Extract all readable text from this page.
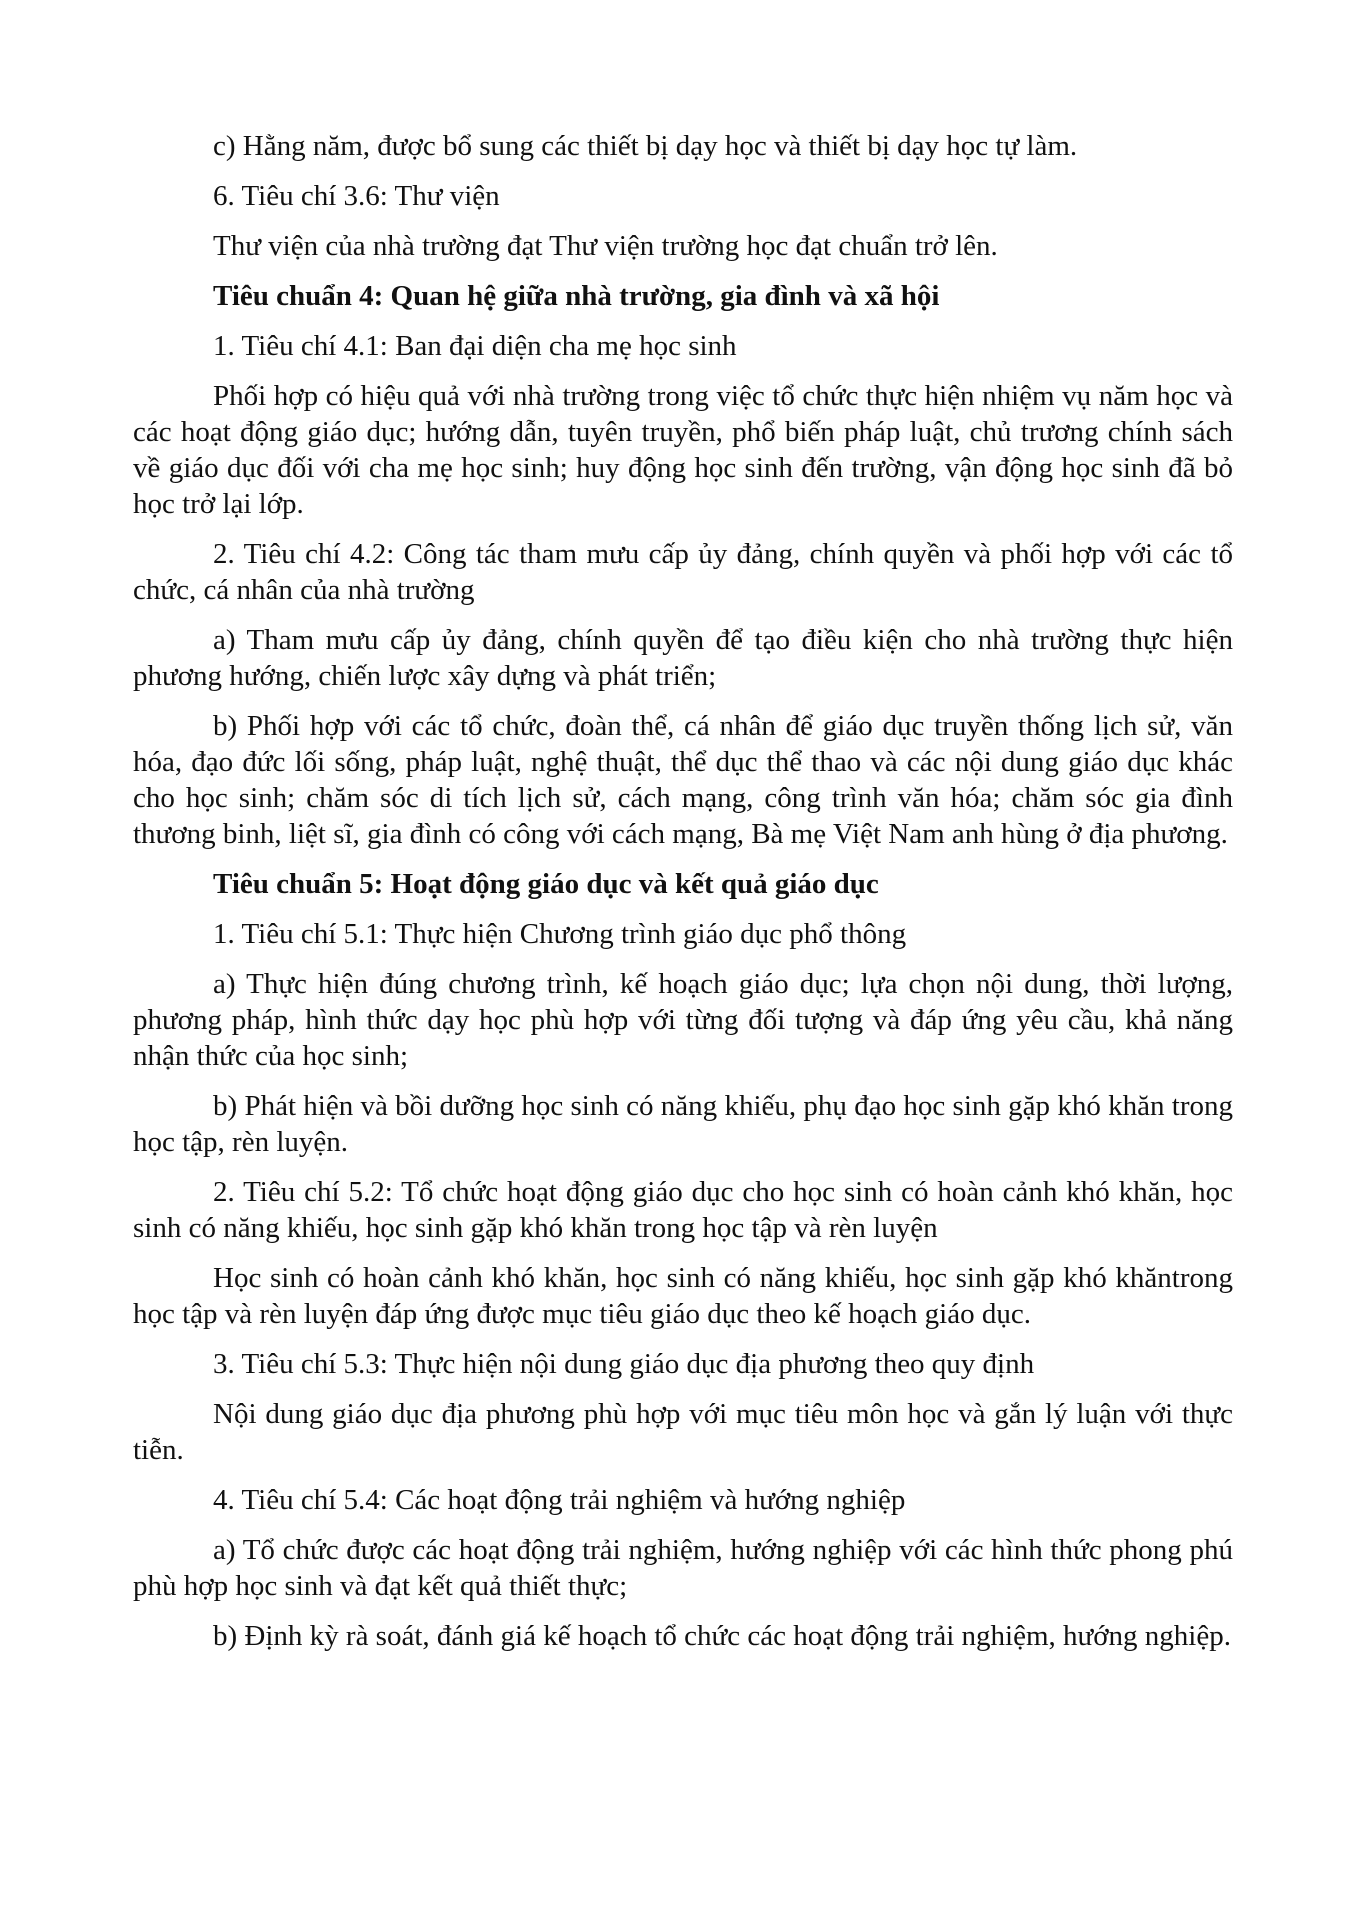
c) Hằng năm, được bổ sung các thiết bị dạy học và thiết bị dạy học tự làm.

6. Tiêu chí 3.6: Thư viện

Thư viện của nhà trường đạt Thư viện trường học đạt chuẩn trở lên.

Tiêu chuẩn 4: Quan hệ giữa nhà trường, gia đình và xã hội

1. Tiêu chí 4.1: Ban đại diện cha mẹ học sinh

Phối hợp có hiệu quả với nhà trường trong việc tổ chức thực hiện nhiệm vụ năm học và các hoạt động giáo dục; hướng dẫn, tuyên truyền, phổ biến pháp luật, chủ trương chính sách về giáo dục đối với cha mẹ học sinh; huy động học sinh đến trường, vận động học sinh đã bỏ học trở lại lớp.

2. Tiêu chí 4.2: Công tác tham mưu cấp ủy đảng, chính quyền và phối hợp với các tổ chức, cá nhân của nhà trường

a) Tham mưu cấp ủy đảng, chính quyền để tạo điều kiện cho nhà trường thực hiện phương hướng, chiến lược xây dựng và phát triển;

b) Phối hợp với các tổ chức, đoàn thể, cá nhân để giáo dục truyền thống lịch sử, văn hóa, đạo đức lối sống, pháp luật, nghệ thuật, thể dục thể thao và các nội dung giáo dục khác cho học sinh; chăm sóc di tích lịch sử, cách mạng, công trình văn hóa; chăm sóc gia đình thương binh, liệt sĩ, gia đình có công với cách mạng, Bà mẹ Việt Nam anh hùng ở địa phương.

Tiêu chuẩn 5: Hoạt động giáo dục và kết quả giáo dục

1. Tiêu chí 5.1: Thực hiện Chương trình giáo dục phổ thông

a) Thực hiện đúng chương trình, kế hoạch giáo dục; lựa chọn nội dung, thời lượng, phương pháp, hình thức dạy học phù hợp với từng đối tượng và đáp ứng yêu cầu, khả năng nhận thức của học sinh;

b) Phát hiện và bồi dưỡng học sinh có năng khiếu, phụ đạo học sinh gặp khó khăn trong học tập, rèn luyện.

2. Tiêu chí 5.2: Tổ chức hoạt động giáo dục cho học sinh có hoàn cảnh khó khăn, học sinh có năng khiếu, học sinh gặp khó khăn trong học tập và rèn luyện

Học sinh có hoàn cảnh khó khăn, học sinh có năng khiếu, học sinh gặp khó khăntrong học tập và rèn luyện đáp ứng được mục tiêu giáo dục theo kế hoạch giáo dục.

3. Tiêu chí 5.3: Thực hiện nội dung giáo dục địa phương theo quy định

Nội dung giáo dục địa phương phù hợp với mục tiêu môn học và gắn lý luận với thực tiễn.

4. Tiêu chí 5.4: Các hoạt động trải nghiệm và hướng nghiệp

a) Tổ chức được các hoạt động trải nghiệm, hướng nghiệp với các hình thức phong phú phù hợp học sinh và đạt kết quả thiết thực;

b) Định kỳ rà soát, đánh giá kế hoạch tổ chức các hoạt động trải nghiệm, hướng nghiệp.
